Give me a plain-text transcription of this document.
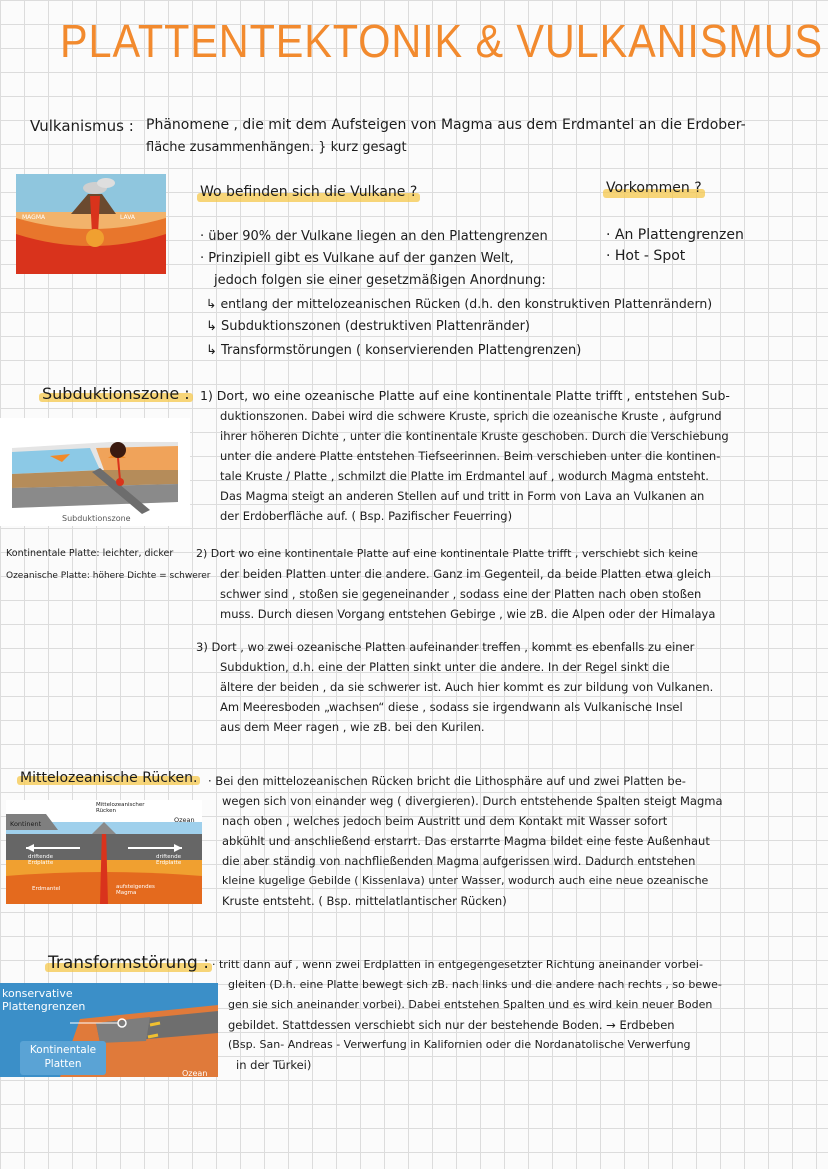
PLATTENTEKTONIK & VULKANISMUS
Vulkanismus : Phänomene , die mit dem Aufsteigen von Magma aus dem Erdmantel an die Erdober-
fläche zusammenhängen. } kurz gesagt
MAGMA	LAVA
Wo befinden sich die Vulkane ?
· über 90% der Vulkane liegen an den Plattengrenzen
· Prinzipiell gibt es Vulkane auf der ganzen Welt,
jedoch folgen sie einer gesetzmäßigen Anordnung:
↳ entlang der mittelozeanischen Rücken (d.h. den konstruktiven Plattenrändern)
↳ Subduktionszonen (destruktiven Plattenränder)
↳ Transformstörungen ( konservierenden Plattengrenzen)
Vorkommen ?
· An Plattengrenzen
· Hot - Spot
Subduktionszone :
Subduktionszone
Kontinentale Platte: leichter, dicker
Ozeanische Platte: höhere Dichte = schwerer
1) Dort, wo eine ozeanische Platte auf eine kontinentale Platte trifft , entstehen Sub-
duktionszonen. Dabei wird die schwere Kruste, sprich die ozeanische Kruste , aufgrund
ihrer höheren Dichte , unter die kontinentale Kruste geschoben. Durch die Verschiebung
unter die andere Platte entstehen Tiefseerinnen. Beim verschieben unter die kontinen-
tale Kruste / Platte , schmilzt die Platte im Erdmantel auf , wodurch Magma entsteht.
Das Magma steigt an anderen Stellen auf und tritt in Form von Lava an Vulkanen an
der Erdoberfläche auf. ( Bsp. Pazifischer Feuerring)
2) Dort wo eine kontinentale Platte auf eine kontinentale Platte trifft , verschiebt sich keine
der beiden Platten unter die andere. Ganz im Gegenteil, da beide Platten etwa gleich
schwer sind , stoßen sie gegeneinander , sodass eine der Platten nach oben stoßen
muss. Durch diesen Vorgang entstehen Gebirge , wie zB. die Alpen oder der Himalaya
3) Dort , wo zwei ozeanische Platten aufeinander treffen , kommt es ebenfalls zu einer
Subduktion, d.h. eine der Platten sinkt unter die andere. In der Regel sinkt die
ältere der beiden , da sie schwerer ist. Auch hier kommt es zur bildung von Vulkanen.
Am Meeresboden „wachsen“ diese , sodass sie irgendwann als Vulkanische Insel
aus dem Meer ragen , wie zB. bei den Kurilen.
Mittelozeanische Rücken.
Kontinent
Mittelozeanischer Rücken
Ozean
driftende Erdplatte
driftende Erdplatte
Erdmantel	aufsteigendes Magma
· Bei den mittelozeanischen Rücken bricht die Lithosphäre auf und zwei Platten be-
wegen sich von einander weg ( divergieren). Durch entstehende Spalten steigt Magma
nach oben , welches jedoch beim Austritt und dem Kontakt mit Wasser sofort
abkühlt und anschließend erstarrt. Das erstarrte Magma bildet eine feste Außenhaut
die aber ständig von nachfließenden Magma aufgerissen wird. Dadurch entstehen
kleine kugelige Gebilde ( Kissenlava) unter Wasser, wodurch auch eine neue ozeanische
Kruste entsteht. ( Bsp. mittelatlantischer Rücken)
Transformstörung :
konservative
Plattengrenzen
Kontinentale
Platten
Ozean
· tritt dann auf , wenn zwei Erdplatten in entgegengesetzter Richtung aneinander vorbei-
gleiten (D.h. eine Platte bewegt sich zB. nach links und die andere nach rechts , so bewe-
gen sie sich aneinander vorbei). Dabei entstehen Spalten und es wird kein neuer Boden
gebildet. Stattdessen verschiebt sich nur der bestehende Boden. → Erdbeben
(Bsp. San- Andreas - Verwerfung in Kalifornien oder die Nordanatolische Verwerfung
in der Türkei)
